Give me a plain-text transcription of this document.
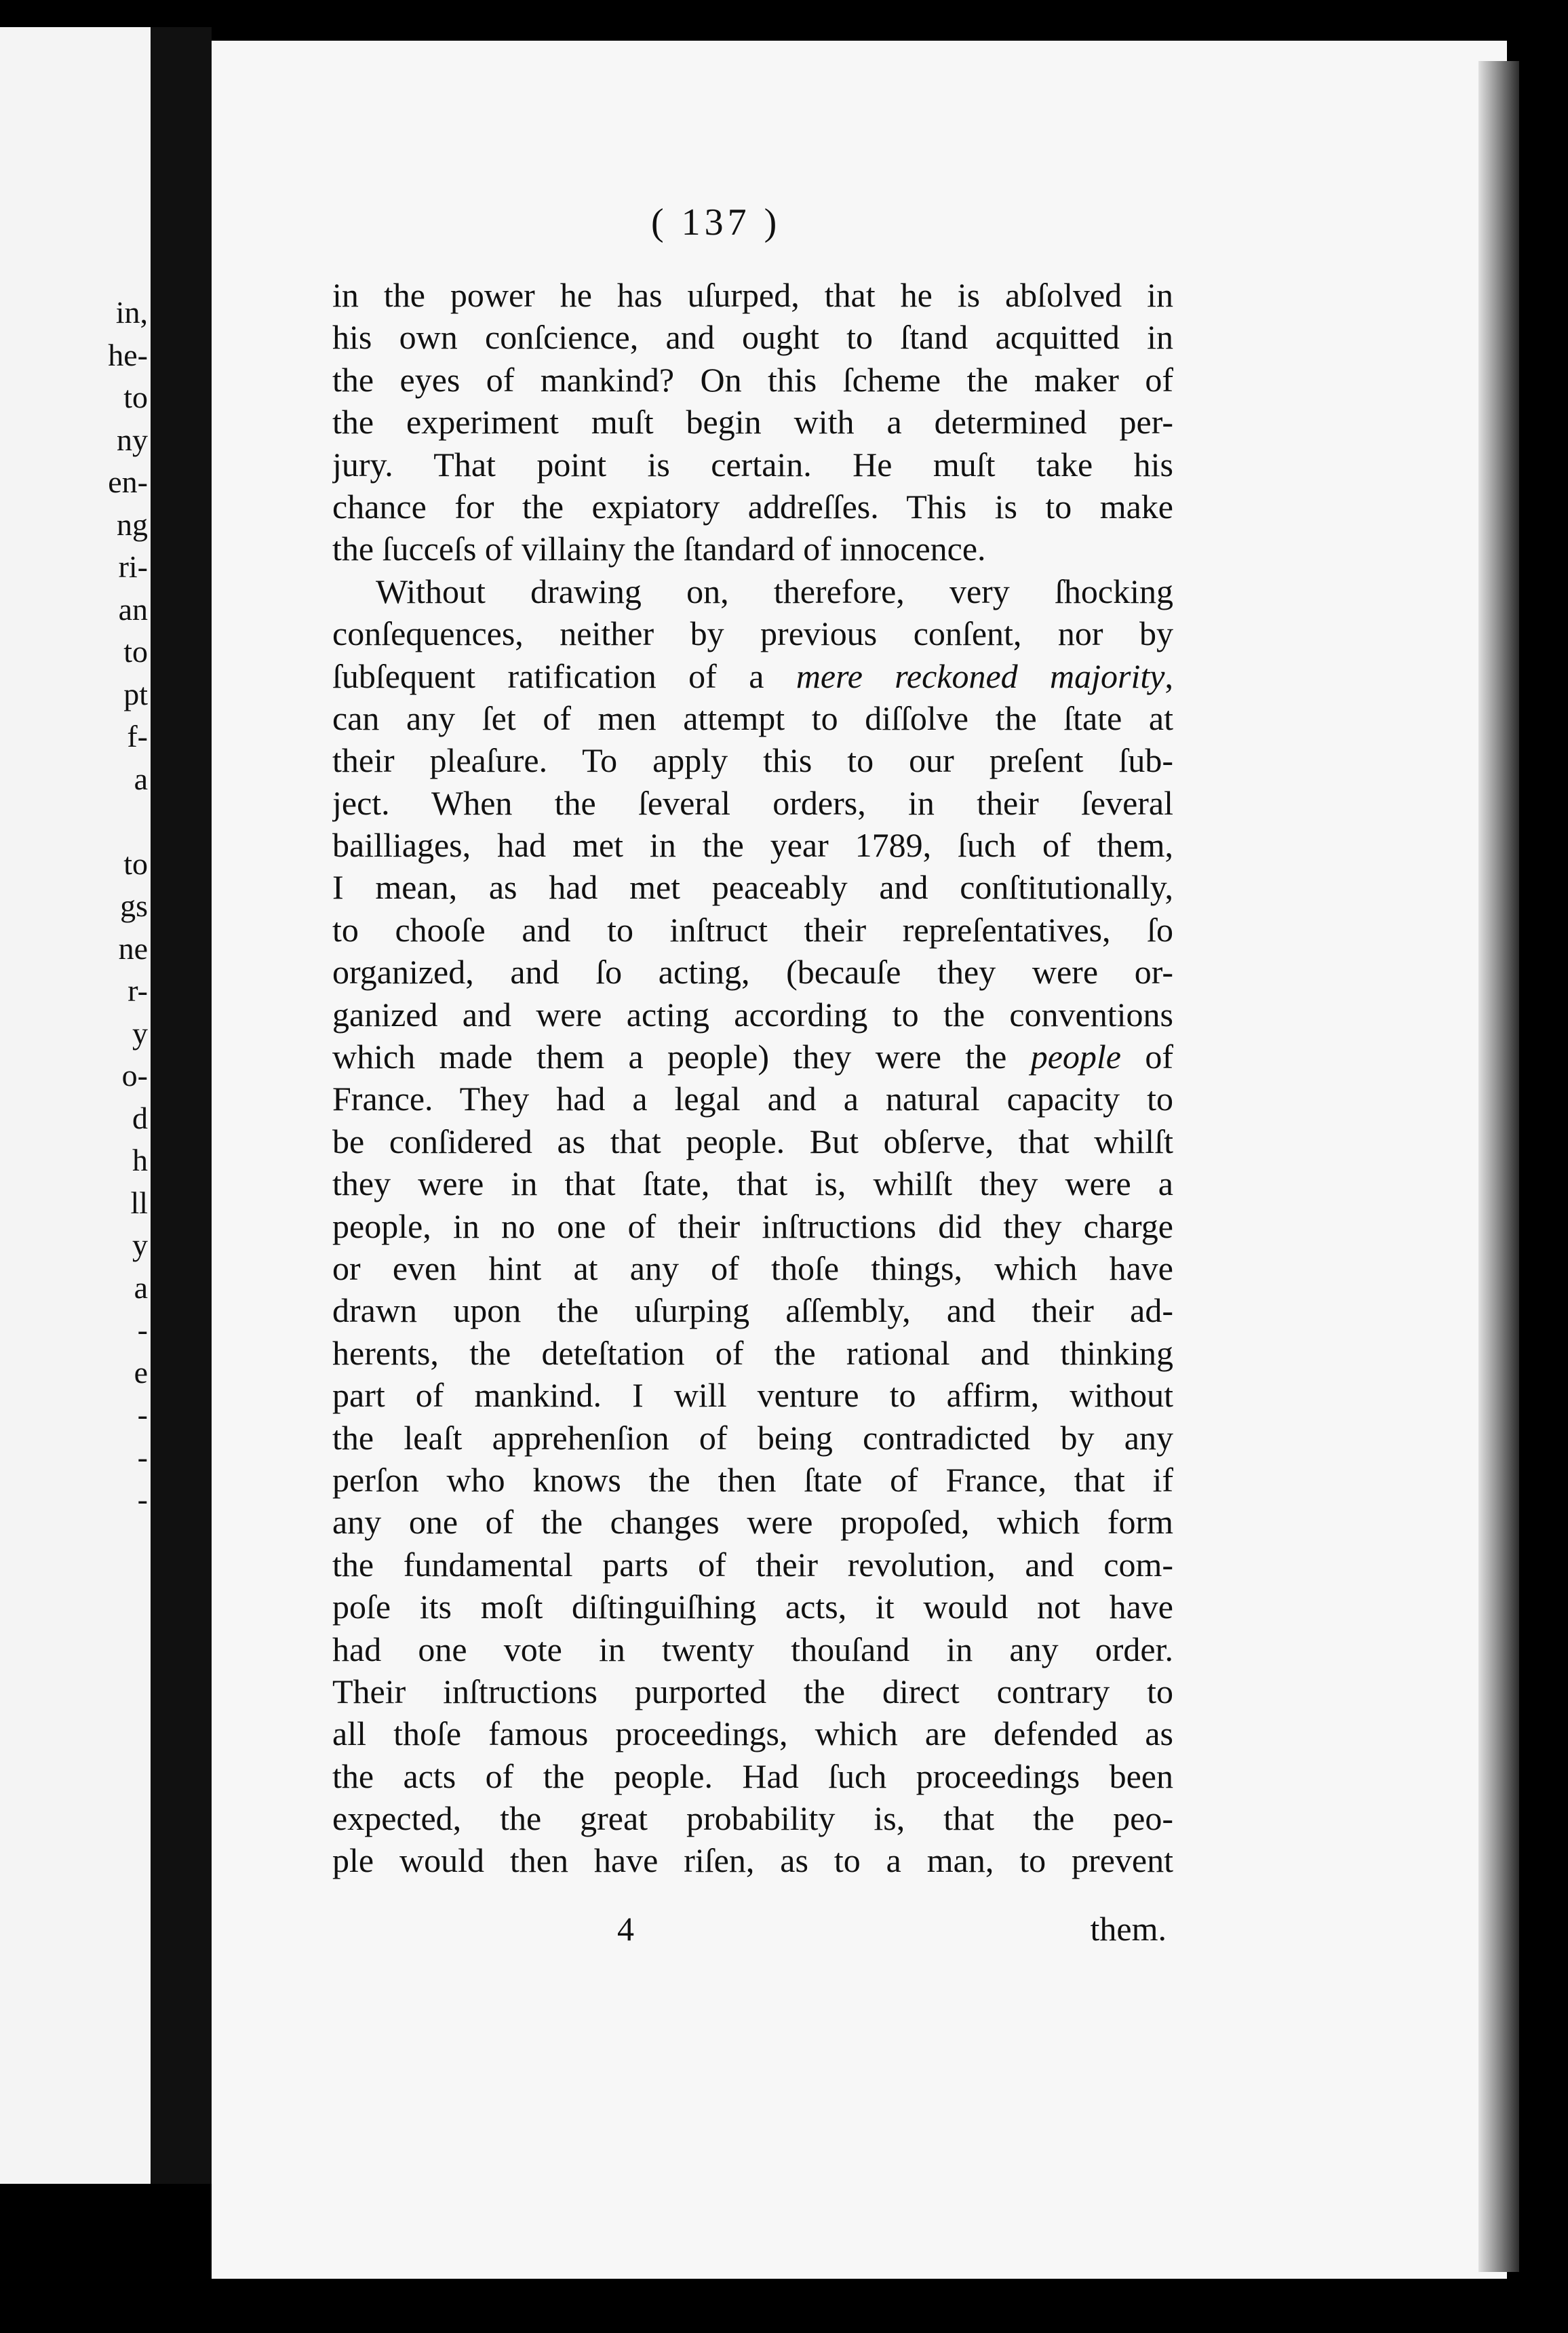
in,
he-
to
ny
en-
ng
ri-
an
to
pt
f-
a
to
gs
ne
r-
y
o-
d
h
ll
y
a
-
e
-
-
-
( 137 )
in the power he has uſurped, that he is abſolved in
his own conſcience, and ought to ſtand acquitted in
the eyes of mankind? On this ſcheme the maker of
the experiment muſt begin with a determined per-
jury. That point is certain. He muſt take his
chance for the expiatory addreſſes. This is to make
the ſucceſs of villainy the ſtandard of innocence.
Without drawing on, therefore, very ſhocking
conſequences, neither by previous conſent, nor by
ſubſequent ratification of a mere reckoned majority,
can any ſet of men attempt to diſſolve the ſtate at
their pleaſure. To apply this to our preſent ſub-
ject. When the ſeveral orders, in their ſeveral
bailliages, had met in the year 1789, ſuch of them,
I mean, as had met peaceably and conſtitutionally,
to chooſe and to inſtruct their repreſentatives, ſo
organized, and ſo acting, (becauſe they were or-
ganized and were acting according to the conventions
which made them a people) they were the people of
France. They had a legal and a natural capacity to
be conſidered as that people. But obſerve, that whilſt
they were in that ſtate, that is, whilſt they were a
people, in no one of their inſtructions did they charge
or even hint at any of thoſe things, which have
drawn upon the uſurping aſſembly, and their ad-
herents, the deteſtation of the rational and thinking
part of mankind. I will venture to affirm, without
the leaſt apprehenſion of being contradicted by any
perſon who knows the then ſtate of France, that if
any one of the changes were propoſed, which form
the fundamental parts of their revolution, and com-
poſe its moſt diſtinguiſhing acts, it would not have
had one vote in twenty thouſand in any order.
Their inſtructions purported the direct contrary to
all thoſe famous proceedings, which are defended as
the acts of the people. Had ſuch proceedings been
expected, the great probability is, that the peo-
ple would then have riſen, as to a man, to prevent
4	them.
